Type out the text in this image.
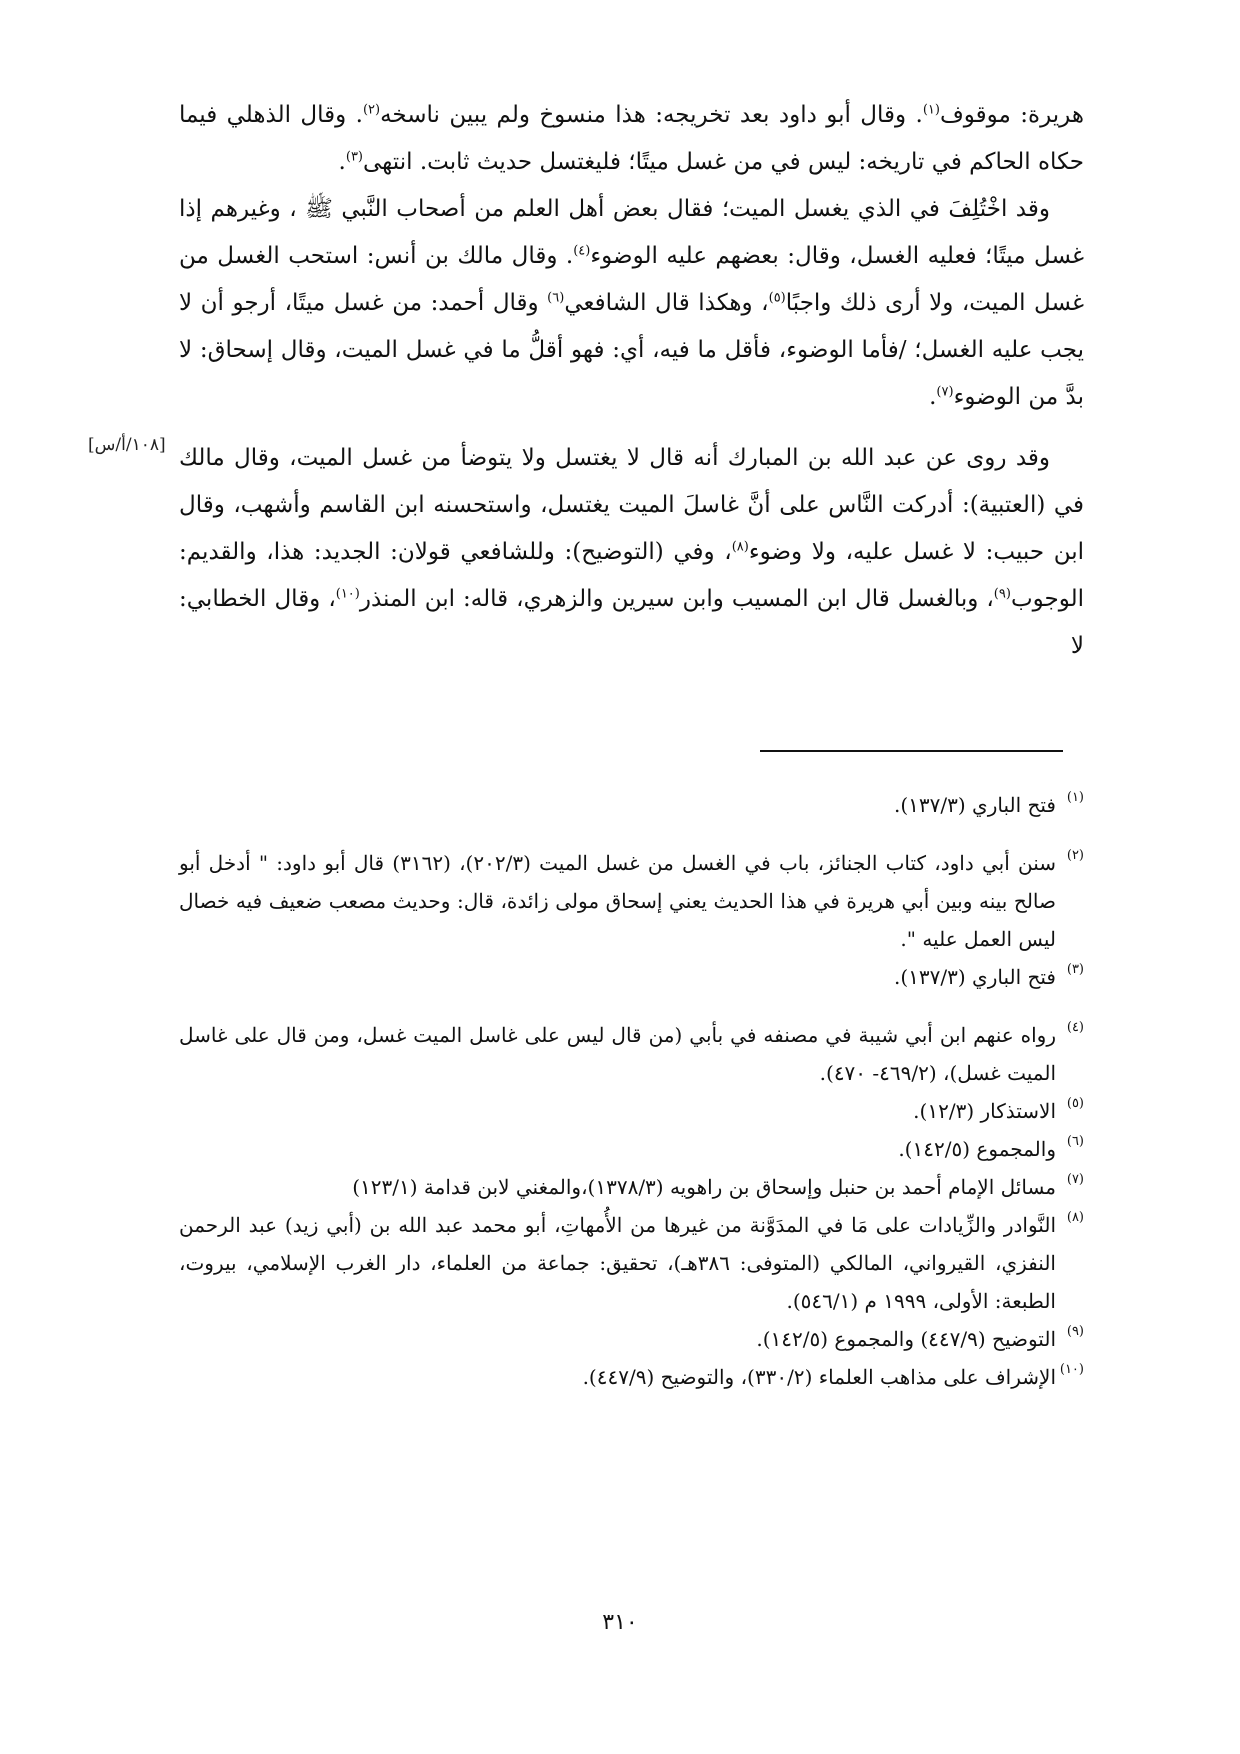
هريرة: موقوف$^{(١)}$. وقال أبو داود بعد تخريجه: هذا منسوخ ولم يبين ناسخه$^{(٢)}$. وقال الذهلي فيما حكاه الحاكم في تاريخه: ليس في من غسل ميتًا؛ فليغتسل حديث ثابت. انتهى$^{(٣)}$.

وقد اخْتُلِفَ في الذي يغسل الميت؛ فقال بعض أهل العلم من أصحاب النَّبي ﷺ ، وغيرهم إذا غسل ميتًا؛ فعليه الغسل، وقال: بعضهم عليه الوضوء$^{(٤)}$. وقال مالك بن أنس: استحب الغسل من غسل الميت، ولا أرى ذلك واجبًا$^{(٥)}$، وهكذا قال الشافعي$^{(٦)}$ وقال أحمد: من غسل ميتًا، أرجو أن لا يجب عليه الغسل؛ /فأما الوضوء، فأقل ما فيه، أي: فهو أقلُّ ما في غسل الميت، وقال إسحاق: لا بدَّ من الوضوء$^{(٧)}$.

وقد روى عن عبد الله بن المبارك أنه قال لا يغتسل ولا يتوضأ من غسل الميت، وقال مالك في (العتبية): أدركت النَّاس على أنَّ غاسلَ الميت يغتسل، واستحسنه ابن القاسم وأشهب، وقال ابن حبيب: لا غسل عليه، ولا وضوء$^{(٨)}$، وفي (التوضيح): وللشافعي قولان: الجديد: هذا، والقديم: الوجوب$^{(٩)}$، وبالغسل قال ابن المسيب وابن سيرين والزهري، قاله: ابن المنذر$^{(١٠)}$، وقال الخطابي: لا

[١٠٨/أ/س]

(١)
فتح الباري (١٣٧/٣).

(٢)
سنن أبي داود، كتاب الجنائز، باب في الغسل من غسل الميت (٢٠٢/٣)، (٣١٦٢) قال أبو داود: " أدخل أبو صالح بينه وبين أبي هريرة في هذا الحديث يعني إسحاق مولى زائدة، قال: وحديث مصعب ضعيف فيه خصال ليس العمل عليه ".

(٣)
فتح الباري (١٣٧/٣).

(٤)
رواه عنهم ابن أبي شيبة في مصنفه في بأبي (من قال ليس على غاسل الميت غسل، ومن قال على غاسل الميت غسل)، (٤٦٩/٢- ٤٧٠).

(٥)
الاستذكار (١٢/٣).

(٦)
والمجموع (١٤٢/٥).

(٧)
مسائل الإمام أحمد بن حنبل وإسحاق بن راهويه (١٣٧٨/٣)،والمغني لابن قدامة (١٢٣/١)

(٨)
النَّوادر والزِّيادات على مَا في المدَوَّنة من غيرها من الأُمهاتِ، أبو محمد عبد الله بن (أبي زيد) عبد الرحمن النفزي، القيرواني، المالكي (المتوفى: ٣٨٦هـ)، تحقيق: جماعة من العلماء، دار الغرب الإسلامي، بيروت، الطبعة: الأولى، ١٩٩٩ م (٥٤٦/١).

(٩)
التوضيح (٤٤٧/٩) والمجموع (١٤٢/٥).

(١٠)
الإشراف على مذاهب العلماء (٣٣٠/٢)، والتوضيح (٤٤٧/٩).

٣١٠
